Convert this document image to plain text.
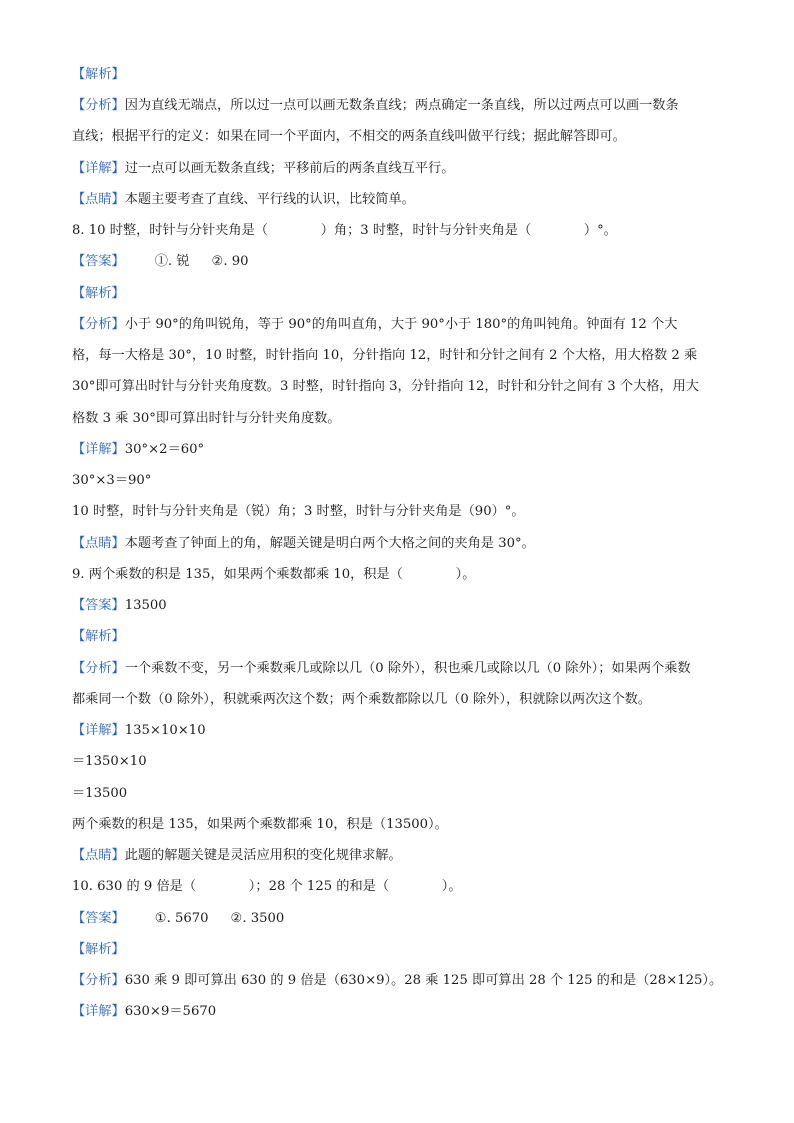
【解析】
【分析】因为直线无端点，所以过一点可以画无数条直线；两点确定一条直线，所以过两点可以画一数条
直线；根据平行的定义：如果在同一个平面内，不相交的两条直线叫做平行线；据此解答即可。
【详解】过一点可以画无数条直线；平移前后的两条直线互平行。
【点睛】本题主要考查了直线、平行线的认识，比较简单。
8. 10 时整，时针与分针夹角是（　　　　）角；3 时整，时针与分针夹角是（　　　　）°。
【答案】 ①. 锐 ②. 90
【解析】
【分析】小于 90°的角叫锐角，等于 90°的角叫直角，大于 90°小于 180°的角叫钝角。钟面有 12 个大
格，每一大格是 30°，10 时整，时针指向 10，分针指向 12，时针和分针之间有 2 个大格，用大格数 2 乘
30°即可算出时针与分针夹角度数。3 时整，时针指向 3，分针指向 12，时针和分针之间有 3 个大格，用大
格数 3 乘 30°即可算出时针与分针夹角度数。
【详解】30°×2＝60°
30°×3＝90°
10 时整，时针与分针夹角是（锐）角；3 时整，时针与分针夹角是（90）°。
【点睛】本题考查了钟面上的角，解题关键是明白两个大格之间的夹角是 30°。
9. 两个乘数的积是 135，如果两个乘数都乘 10，积是（　　　　）。
【答案】13500
【解析】
【分析】一个乘数不变，另一个乘数乘几或除以几（0 除外），积也乘几或除以几（0 除外）；如果两个乘数
都乘同一个数（0 除外），积就乘两次这个数；两个乘数都除以几（0 除外），积就除以两次这个数。
【详解】135×10×10
＝1350×10
＝13500
两个乘数的积是 135，如果两个乘数都乘 10，积是（13500）。
【点睛】此题的解题关键是灵活应用积的变化规律求解。
10. 630 的 9 倍是（　　　　）；28 个 125 的和是（　　　　）。
【答案】 ①. 5670 ②. 3500
【解析】
【分析】630 乘 9 即可算出 630 的 9 倍是（630×9）。28 乘 125 即可算出 28 个 125 的和是（28×125）。
【详解】630×9＝5670
